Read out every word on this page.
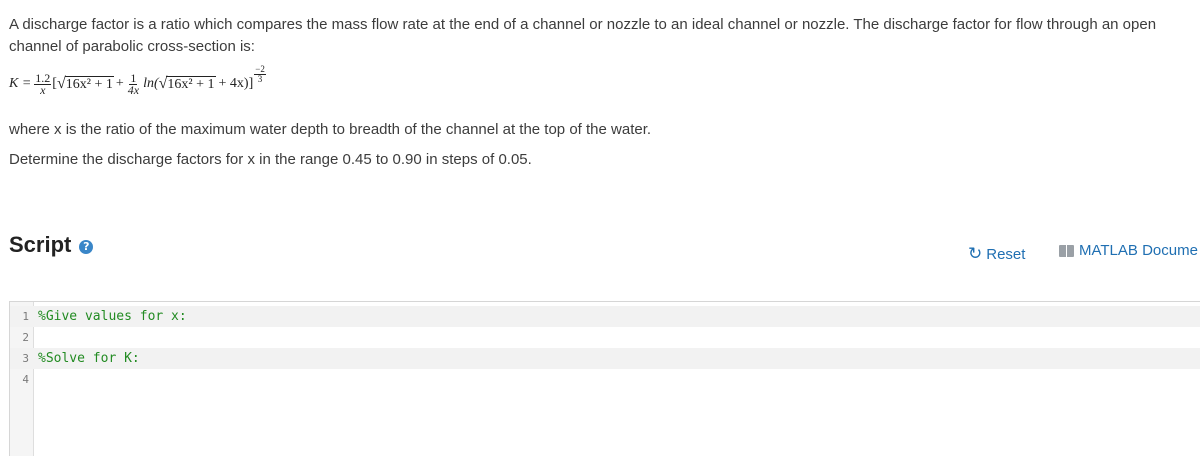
A discharge factor is a ratio which compares the mass flow rate at the end of a channel or nozzle to an ideal channel or nozzle. The discharge factor for flow through an open channel of parabolic cross-section is:
$K = \frac{1.2}{x}$ [ √ $16x^2 + 1 + \frac{1}{4x} \ln$( √ $16x^2 + 1 + 4x)] \frac{-2}{3}$
where x is the ratio of the maximum water depth to breadth of the channel at the top of the water.
Determine the discharge factors for x in the range 0.45 to 0.90 in steps of 0.05.
Script	?	↻ Reset	MATLAB Docume
1 %Give values for x:
2
3 %Solve for K:
4
